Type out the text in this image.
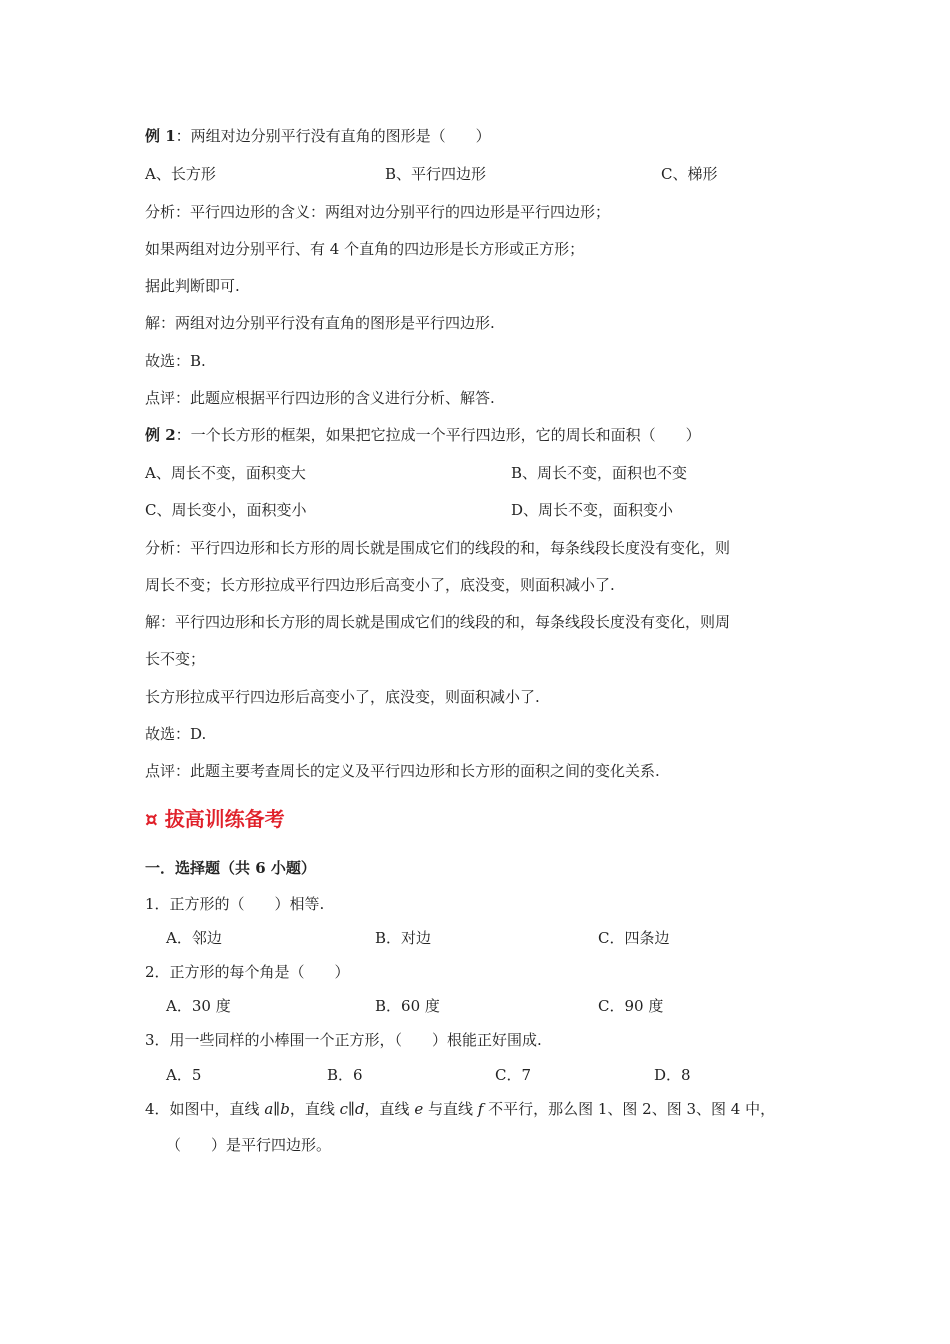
例 1：两组对边分别平行没有直角的图形是（　　）
A、长方形	B、平行四边形	C、梯形
分析：平行四边形的含义：两组对边分别平行的四边形是平行四边形；
如果两组对边分别平行、有 4 个直角的四边形是长方形或正方形；
据此判断即可.
解：两组对边分别平行没有直角的图形是平行四边形.
故选：B.
点评：此题应根据平行四边形的含义进行分析、解答.
例 2：一个长方形的框架，如果把它拉成一个平行四边形，它的周长和面积（　　）
A、周长不变，面积变大	B、周长不变，面积也不变
C、周长变小，面积变小	D、周长不变，面积变小
分析：平行四边形和长方形的周长就是围成它们的线段的和，每条线段长度没有变化，则
周长不变；长方形拉成平行四边形后高变小了，底没变，则面积减小了.
解：平行四边形和长方形的周长就是围成它们的线段的和，每条线段长度没有变化，则周
长不变；
长方形拉成平行四边形后高变小了，底没变，则面积减小了.
故选：D.
点评：此题主要考查周长的定义及平行四边形和长方形的面积之间的变化关系.
¤ 拔高训练备考
一．选择题（共 6 小题）
1．正方形的（　　）相等.
A．邻边	B．对边	C．四条边
2．正方形的每个角是（　　）
A．30 度	B．60 度	C．90 度
3．用一些同样的小棒围一个正方形，（　　）根能正好围成.
A．5	B．6	C．7	D．8
4．如图中，直线 a∥b，直线 c∥d，直线 e 与直线 f 不平行，那么图 1、图 2、图 3、图 4 中，
（　　）是平行四边形。
